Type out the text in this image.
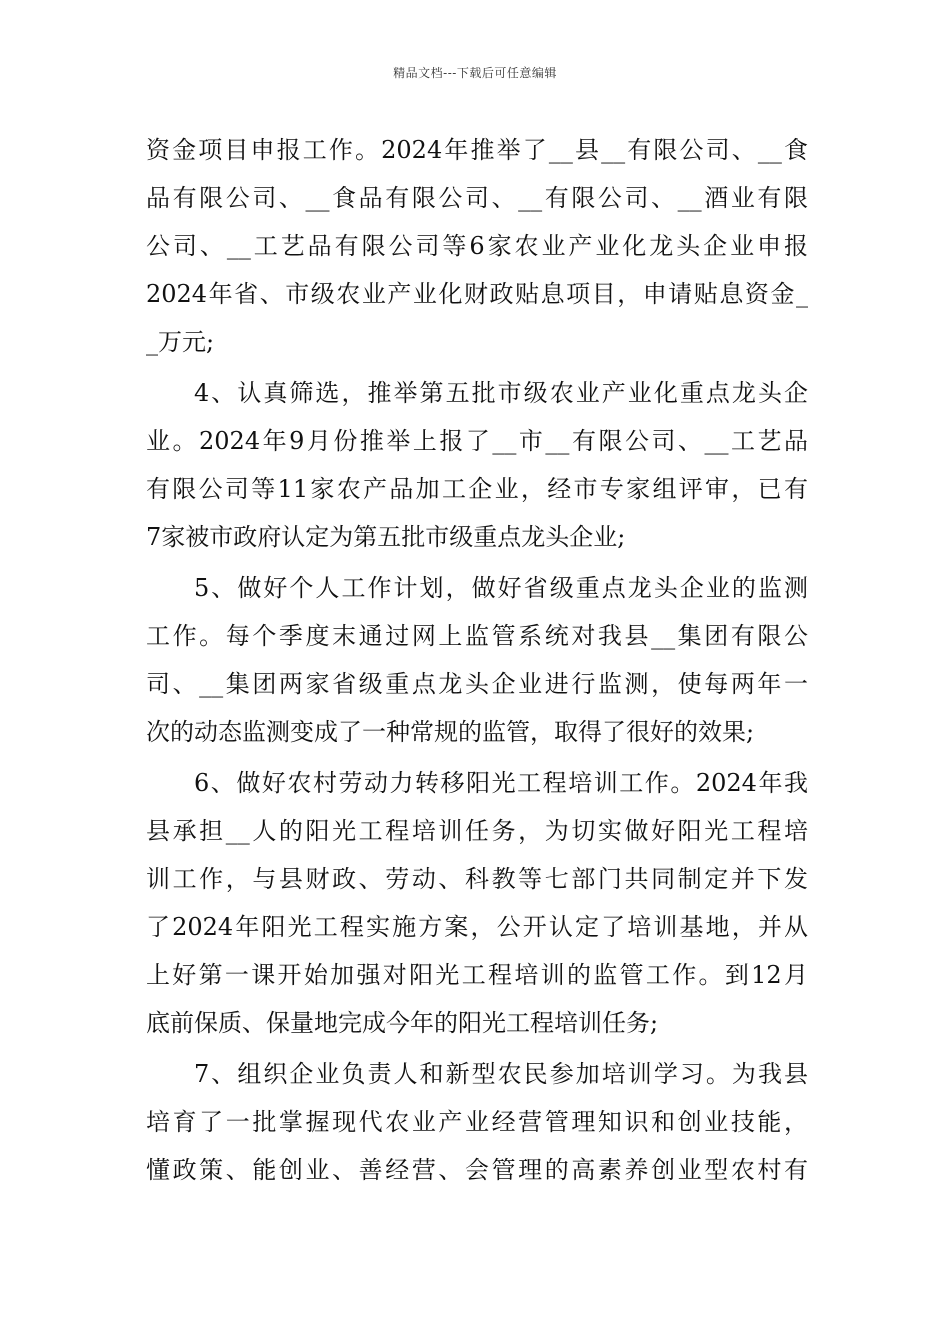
精品文档---下载后可任意编辑
资金项目申报工作。2024年推举了__县__有限公司、__食
品有限公司、__食品有限公司、__有限公司、__酒业有限
公司、__工艺品有限公司等6家农业产业化龙头企业申报
2024年省、市级农业产业化财政贴息项目，申请贴息资金_
_万元;
4、认真筛选，推举第五批市级农业产业化重点龙头企
业。2024年9月份推举上报了__市__有限公司、__工艺品
有限公司等11家农产品加工企业，经市专家组评审，已有
7家被市政府认定为第五批市级重点龙头企业;
5、做好个人工作计划，做好省级重点龙头企业的监测
工作。每个季度末通过网上监管系统对我县__集团有限公
司、__集团两家省级重点龙头企业进行监测，使每两年一
次的动态监测变成了一种常规的监管，取得了很好的效果;
6、做好农村劳动力转移阳光工程培训工作。2024年我
县承担__人的阳光工程培训任务，为切实做好阳光工程培
训工作，与县财政、劳动、科教等七部门共同制定并下发
了2024年阳光工程实施方案，公开认定了培训基地，并从
上好第一课开始加强对阳光工程培训的监管工作。到12月
底前保质、保量地完成今年的阳光工程培训任务;
7、组织企业负责人和新型农民参加培训学习。为我县
培育了一批掌握现代农业产业经营管理知识和创业技能，
懂政策、能创业、善经营、会管理的高素养创业型农村有
